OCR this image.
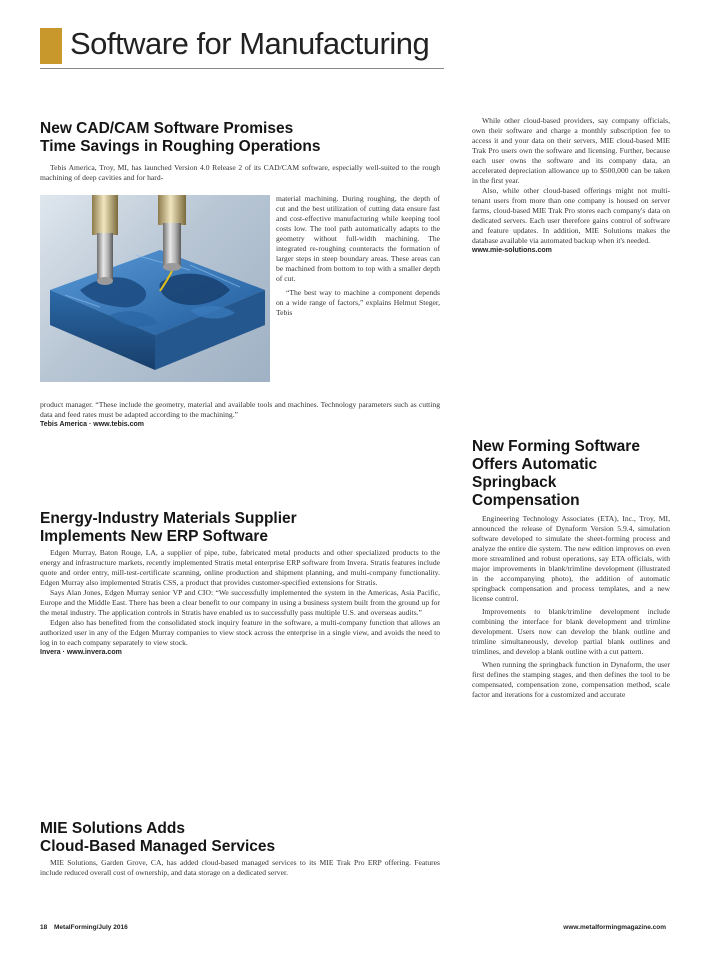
Software for Manufacturing
New CAD/CAM Software Promises
Time Savings in Roughing Operations

Tebis America, Troy, MI, has launched Version 4.0 Release 2 of its CAD/CAM software, especially well-suited to the rough machining of deep cavities and for hard-

material machining. During roughing, the depth of cut and the best utilization of cutting data ensure fast and cost-effective manufacturing while keeping tool costs low. The tool path automatically adapts to the geometry without full-width machining. The integrated re-roughing counteracts the formation of larger steps in steep boundary areas. These areas can be machined from bottom to top with a smaller depth of cut.

“The best way to machine a component depends on a wide range of factors,” explains Helmut Steger, Tebis

product manager. “These include the geometry, material and available tools and machines. Technology parameters such as cutting data and feed rates must be adapted according to the machining.”

Tebis America · www.tebis.com

Energy-Industry Materials Supplier
Implements New ERP Software

Edgen Murray, Baton Rouge, LA, a supplier of pipe, tube, fabricated metal products and other specialized products to the energy and infrastructure markets, recently implemented Stratis metal enterprise ERP software from Invera. Stratis features include quote and order entry, mill-test-certificate scanning, online production and shipment planning, and multi-company functionality. Edgen Murray also implemented Stratis CSS, a product that provides customer-specified extensions for Stratis.

Says Alan Jones, Edgen Murray senior VP and CIO: “We successfully implemented the system in the Americas, Asia Pacific, Europe and the Middle East. There has been a clear benefit to our company in using a business system built from the ground up for the metal industry. The application controls in Stratis have enabled us to successfully pass multiple U.S. and overseas audits.”

Edgen also has benefited from the consolidated stock inquiry feature in the software, a multi-company function that allows an authorized user in any of the Edgen Murray companies to view stock across the enterprise in a single view, and avoids the need to log in to each company separately to view stock.

Invera · www.invera.com

MIE Solutions Adds
Cloud-Based Managed Services

MIE Solutions, Garden Grove, CA, has added cloud-based managed services to its MIE Trak Pro ERP offering. Features include reduced overall cost of ownership, and data storage on a dedicated server.

While other cloud-based providers, say company officials, own their software and charge a monthly subscription fee to access it and your data on their servers, MIE cloud-based MIE Trak Pro users own the software and licensing. Further, because each user owns the software and its company data, an accelerated depreciation allowance up to $500,000 can be taken in the first year.

Also, while other cloud-based offerings might not multi-tenant users from more than one company is housed on server farms, cloud-based MIE Trak Pro stores each company's data on dedicated servers. Each user therefore gains control of software and feature updates. In addition, MIE Solutions makes the database available via automated backup when it's needed.

www.mie-solutions.com

New Forming Software
Offers Automatic
Springback
Compensation

Engineering Technology Associates (ETA), Inc., Troy, MI, announced the release of Dynaform Version 5.9.4, simulation software developed to simulate the sheet-forming process and analyze the entire die system. The new edition improves on even more streamlined and robust operations, say ETA officials, with major improvements in blank/trimline development (illustrated in the accompanying photo), the addition of automatic springback compensation and process templates, and a new license control.

Improvements to blank/trimline development include combining the interface for blank development and trimline development. Users now can develop the blank outline and trimline simultaneously, develop partial blank outlines and trimlines, and develop a blank outline with a cut pattern.

When running the springback function in Dynaform, the user first defines the stamping stages, and then defines the tool to be compensated, compensation zone, compensation method, scale factor and iterations for a customized and accurate

18 MetalForming/July 2016	www.metalformingmagazine.com
